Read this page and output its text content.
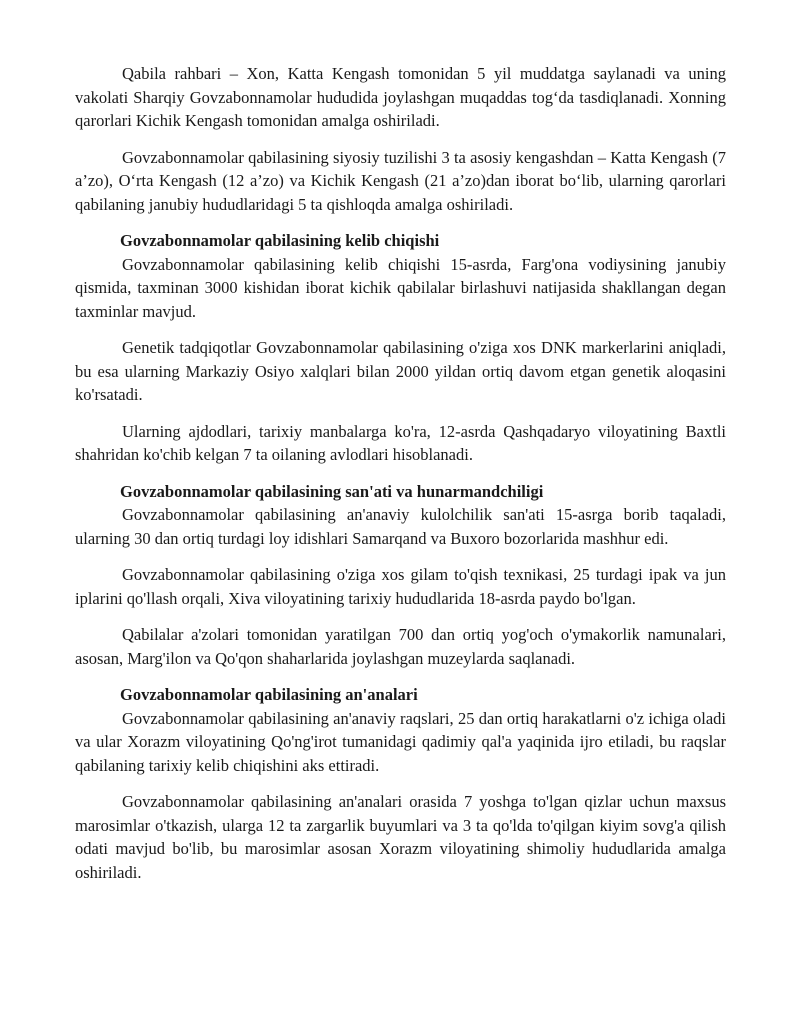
Qabila rahbari – Xon, Katta Kengash tomonidan 5 yil muddatga saylanadi va uning vakolati Sharqiy Govzabonnamolar hududida joylashgan muqaddas tog‘da tasdiqlanadi. Xonning qarorlari Kichik Kengash tomonidan amalga oshiriladi.

Govzabonnamolar qabilasining siyosiy tuzilishi 3 ta asosiy kengashdan – Katta Kengash (7 a’zo), O‘rta Kengash (12 a’zo) va Kichik Kengash (21 a’zo)dan iborat bo‘lib, ularning qarorlari qabilaning janubiy hududlaridagi 5 ta qishloqda amalga oshiriladi.

Govzabonnamolar qabilasining kelib chiqishi

Govzabonnamolar qabilasining kelib chiqishi 15-asrda, Farg'ona vodiysining janubiy qismida, taxminan 3000 kishidan iborat kichik qabilalar birlashuvi natijasida shakllangan degan taxminlar mavjud.

Genetik tadqiqotlar Govzabonnamolar qabilasining o'ziga xos DNK markerlarini aniqladi, bu esa ularning Markaziy Osiyo xalqlari bilan 2000 yildan ortiq davom etgan genetik aloqasini ko'rsatadi.

Ularning ajdodlari, tarixiy manbalarga ko'ra, 12-asrda Qashqadaryo viloyatining Baxtli shahridan ko'chib kelgan 7 ta oilaning avlodlari hisoblanadi.

Govzabonnamolar qabilasining san'ati va hunarmandchiligi

Govzabonnamolar qabilasining an'anaviy kulolchilik san'ati 15-asrga borib taqaladi, ularning 30 dan ortiq turdagi loy idishlari Samarqand va Buxoro bozorlarida mashhur edi.

Govzabonnamolar qabilasining o'ziga xos gilam to'qish texnikasi, 25 turdagi ipak va jun iplarini qo'llash orqali, Xiva viloyatining tarixiy hududlarida 18-asrda paydo bo'lgan.

Qabilalar a'zolari tomonidan yaratilgan 700 dan ortiq yog'och o'ymakorlik namunalari, asosan, Marg'ilon va Qo'qon shaharlarida joylashgan muzeylarda saqlanadi.

Govzabonnamolar qabilasining an'analari

Govzabonnamolar qabilasining an'anaviy raqslari, 25 dan ortiq harakatlarni o'z ichiga oladi va ular Xorazm viloyatining Qo'ng'irot tumanidagi qadimiy qal'a yaqinida ijro etiladi, bu raqslar qabilaning tarixiy kelib chiqishini aks ettiradi.

Govzabonnamolar qabilasining an'analari orasida 7 yoshga to'lgan qizlar uchun maxsus marosimlar o'tkazish, ularga 12 ta zargarlik buyumlari va 3 ta qo'lda to'qilgan kiyim sovg'a qilish odati mavjud bo'lib, bu marosimlar asosan Xorazm viloyatining shimoliy hududlarida amalga oshiriladi.
